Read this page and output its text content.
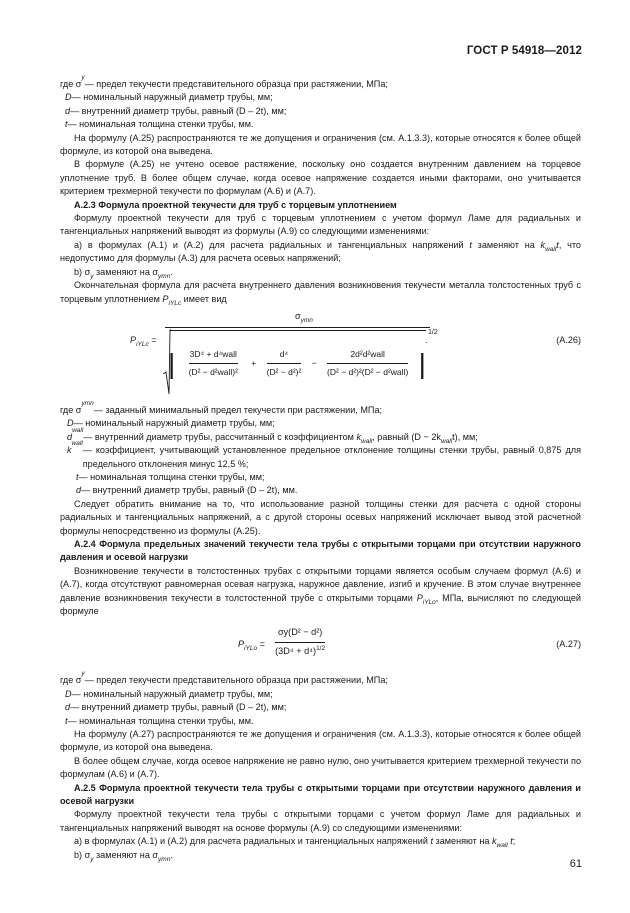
ГОСТ Р 54918—2012
где σ
y
— предел текучести представительного образца при растяжении, МПа;
D — номинальный наружный диаметр трубы, мм;
d — внутренний диаметр трубы, равный (D – 2t), мм;
t — номинальная толщина стенки трубы, мм.

На формулу (А.25) распространяются те же допущения и ограничения (см. А.1.3.3), которые относятся к более общей формуле, из которой она выведена.

В формуле (А.25) не учтено осевое растяжение, поскольку оно создается внутренним давлением на торцевое уплотнение труб. В более общем случае, когда осевое напряжение создается иными факторами, оно учитывается критерием трехмерной текучести по формулам (А.6) и (А.7).

А.2.3 Формула проектной текучести для труб с торцевым уплотнением

Формулу проектной текучести для труб с торцевым уплотнением с учетом формул Ламе для радиальных и тангенциальных напряжений выводят из формулы (А.9) со следующими изменениями:

а) в формулах (А.1) и (А.2) для расчета радиальных и тангенциальных напряжений t заменяют на $k_{wall}t$, что недопустимо для формулы (А.3) для расчета осевых напряжений;

b) $\sigma_y$ заменяют на $\sigma_{ymn}$.

Окончательная формула для расчета внутреннего давления возникновения текучести металла толстостенных труб с торцевым уплотнением $P_{iYLc}$ имеет вид

$P_{iYLc}$ =
$\sigma_{ymn}$
.
1/2
| $\frac{\text{3D⁴ + d⁴wall}}{\text{(D² − d²wall)²}} + \frac{\text{d⁴}}{\text{(D² − d²)²}} - \frac{\text{2d²d²wall}}{\text{(D² − d²)²(D² − d²wall)}}$ |
(А.26)
где σ
ymn
— заданный минимальный предел текучести при растяжении, МПа;
D — номинальный наружный диаметр трубы, мм;
d
wall
— внутренний диаметр трубы, рассчитанный с коэффициентом $k_{wall}$, равный $(D - 2k_{wall}t)$, мм;
k
wall
— коэффициент, учитывающий установленное предельное отклонение толщины стенки трубы, равный 0,875 для предельного отклонения минус 12,5 %;
t — номинальная толщина стенки трубы, мм;
d — внутренний диаметр трубы, равный (D – 2t), мм.

Следует обратить внимание на то, что использование разной толщины стенки для расчета с одной стороны радиальных и тангенциальных напряжений, а с другой стороны осевых напряжений исключает вывод этой расчетной формулы непосредственно из формулы (А.25).

А.2.4 Формула предельных значений текучести тела трубы с открытыми торцами при отсутствии наружного давления и осевой нагрузки

Возникновение текучести в толстостенных трубах с открытыми торцами является особым случаем формул (А.6) и (А.7), когда отсутствуют равномерная осевая нагрузка, наружное давление, изгиб и кручение. В этом случае внутреннее давление возникновения текучести в толстостенной трубе с открытыми торцами $P_{iYLo}$, МПа, вычисляют по следующей формуле

$P_{iYLo} = \frac{\text{σy(D² − d²)}}{(3D^4 + d^4)^{1/2}}$	(А.27)
где σ
y
— предел текучести представительного образца при растяжении, МПа;
D — номинальный наружный диаметр трубы, мм;
d — внутренний диаметр трубы, равный (D – 2t), мм;
t — номинальная толщина стенки трубы, мм.

На формулу (А.27) распространяются те же допущения и ограничения (см. А.1.3.3), которые относятся к более общей формуле, из которой она выведена.

В более общем случае, когда осевое напряжение не равно нулю, оно учитывается критерием трехмерной текучести по формулам (А.6) и (А.7).

А.2.5 Формула проектной текучести тела трубы с открытыми торцами при отсутствии наружного давления и осевой нагрузки

Формулу проектной текучести тела трубы с открытыми торцами с учетом формул Ламе для радиальных и тангенциальных напряжений выводят на основе формулы (А.9) со следующими изменениями:

а) в формулах (А.1) и (А.2) для расчета радиальных и тангенциальных напряжений t заменяют на $k_{wall}$ t;

b) $\sigma_y$ заменяют на $\sigma_{ymn}$.

61
